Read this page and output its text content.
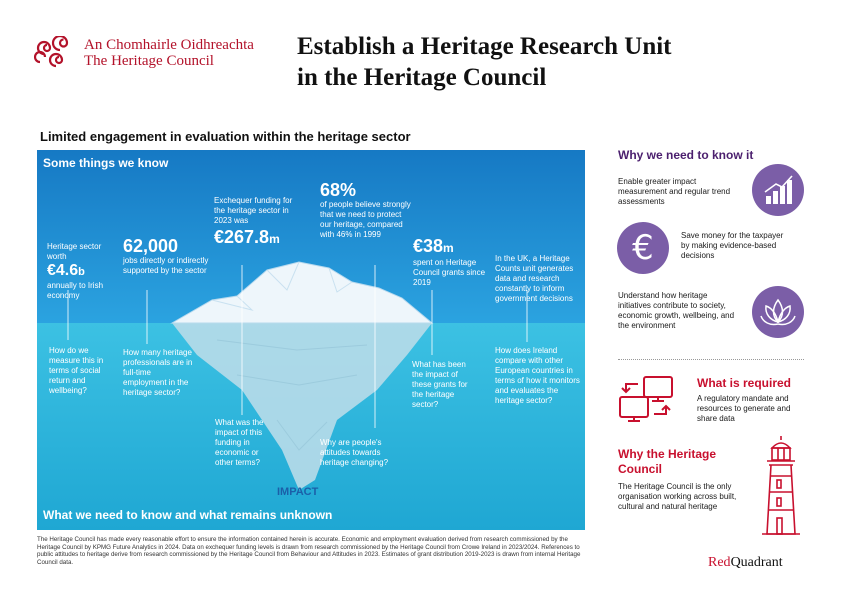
An Chomhairle Oidhreachta
The Heritage Council
Establish a Heritage Research Unit
in the Heritage Council
Limited engagement in evaluation within the heritage sector
Some things we know
Heritage sector worth
€4.6b
annually to Irish economy
62,000
jobs directly or indirectly supported by the sector
Exchequer funding for the heritage sector in 2023 was
€267.8m
68%
of people believe strongly that we need to protect our heritage, compared with 46% in 1999
€38m
spent on Heritage Council grants since 2019
In the UK, a Heritage Counts unit generates data and research constantly to inform government decisions
How do we measure this in terms of social return and wellbeing?
How many heritage professionals are in full-time employment in the heritage sector?
What was the impact of this funding in economic or other terms?
Why are people's attitudes towards heritage changing?
What has been the impact of these grants for the heritage sector?
How does Ireland compare with other European countries in terms of how it monitors and evaluates the heritage sector?
IMPACT
What we need to know and what remains unknown
The Heritage Council has made every reasonable effort to ensure the information contained herein is accurate. Economic and employment evaluation derived from research commissioned by the Heritage Council by KPMG Future Analytics in 2024. Data on exchequer funding levels is drawn from research commissioned by the Heritage Council from Crowe Ireland in 2023/2024. References to public attitudes to heritage derive from research commissioned by the Heritage Council from Behaviour and Attitudes in 2023. Estimates of grant distribution 2019-2023 is drawn from internal Heritage Council data.
Why we need to know it
Enable greater impact measurement and regular trend assessments
€	Save money for the taxpayer by making evidence-based decisions
Understand how heritage initiatives contribute to society, economic growth, wellbeing, and the environment
What is required
A regulatory mandate and resources to generate and share data
Why the Heritage
Council
The Heritage Council is the only organisation working across built, cultural and natural heritage
RedQuadrant
